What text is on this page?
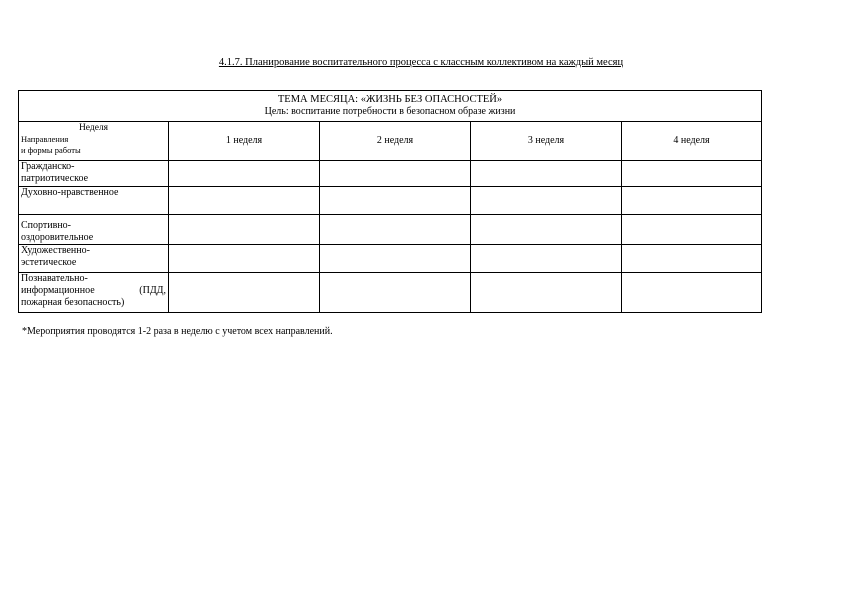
4.1.7. Планирование воспитательного процесса с классным коллективом на каждый месяц
ТЕМА МЕСЯЦА: «ЖИЗНЬ БЕЗ ОПАСНОСТЕЙ»
Цель: воспитание потребности в безопасном образе жизни				

Неделя
Направления
и формы работы	1 неделя	2 неделя	3 неделя	4 неделя

Гражданско-
патриотическое				

Духовно-нравственное				

Спортивно-
оздоровительное				

Художественно-
эстетическое				

Познавательно-
информационное (ПДД,
пожарная безопасность)				

*Мероприятия проводятся 1-2 раза в неделю с учетом всех направлений.
